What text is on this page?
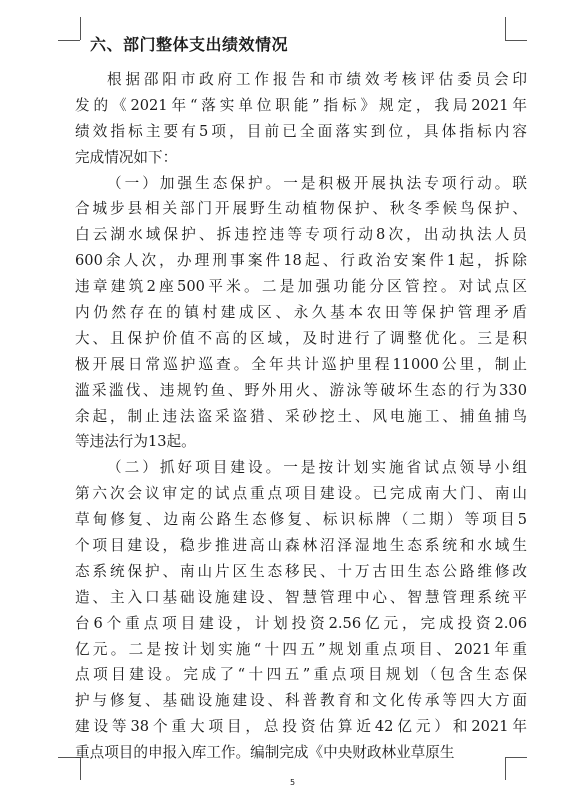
六、部门整体支出绩效情况
根据邵阳市政府工作报告和市绩效考核评估委员会印
发的《2021年“落实单位职能”指标》规定，我局2021年
绩效指标主要有5项，目前已全面落实到位，具体指标内容
完成情况如下：
（一）加强生态保护。一是积极开展执法专项行动。联
合城步县相关部门开展野生动植物保护、秋冬季候鸟保护、
白云湖水域保护、拆违控违等专项行动8次，出动执法人员
600余人次，办理刑事案件18起、行政治安案件1起，拆除
违章建筑2座500平米。二是加强功能分区管控。对试点区
内仍然存在的镇村建成区、永久基本农田等保护管理矛盾
大、且保护价值不高的区域，及时进行了调整优化。三是积
极开展日常巡护巡查。全年共计巡护里程11000公里，制止
滥采滥伐、违规钓鱼、野外用火、游泳等破坏生态的行为330
余起，制止违法盗采盗猎、采砂挖土、风电施工、捕鱼捕鸟
等违法行为13起。
（二）抓好项目建设。一是按计划实施省试点领导小组
第六次会议审定的试点重点项目建设。已完成南大门、南山
草甸修复、边南公路生态修复、标识标牌（二期）等项目5
个项目建设，稳步推进高山森林沼泽湿地生态系统和水域生
态系统保护、南山片区生态移民、十万古田生态公路维修改
造、主入口基础设施建设、智慧管理中心、智慧管理系统平
台6个重点项目建设，计划投资2.56亿元，完成投资2.06
亿元。二是按计划实施“十四五”规划重点项目、2021年重
点项目建设。完成了“十四五”重点项目规划（包含生态保
护与修复、基础设施建设、科普教育和文化传承等四大方面
建设等38个重大项目，总投资估算近42亿元）和2021年
重点项目的申报入库工作。编制完成《中央财政林业草原生
5
